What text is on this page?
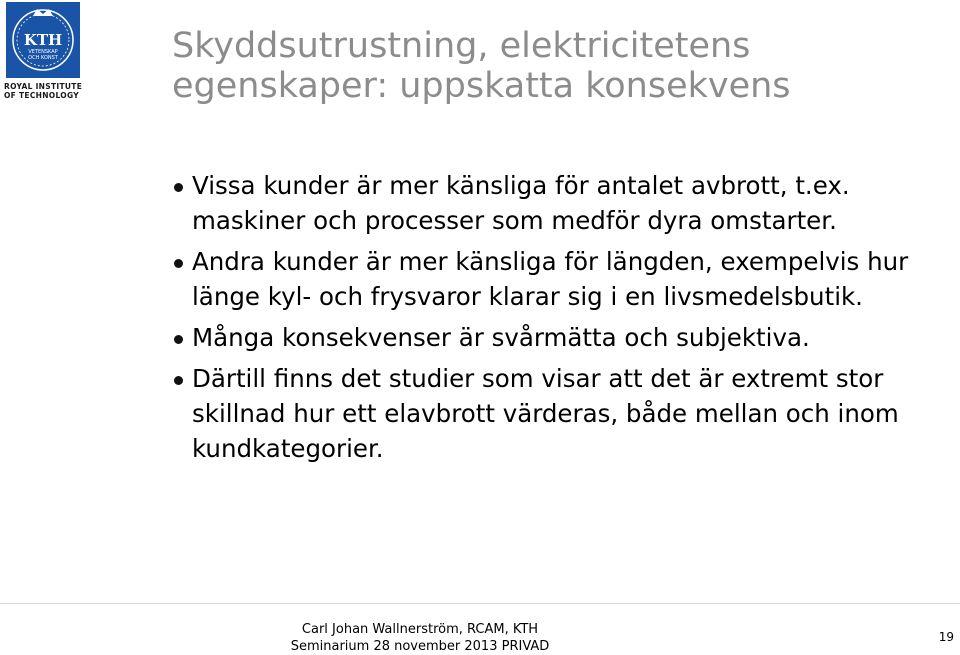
KTH
VETENSKAP
OCH KONST
ROYAL INSTITUTE
OF TECHNOLOGY
Skyddsutrustning, elektricitetens egenskaper: uppskatta konsekvens
Vissa kunder är mer känsliga för antalet avbrott, t.ex. maskiner och processer som medför dyra omstarter.
Andra kunder är mer känsliga för längden, exempelvis hur länge kyl- och frysvaror klarar sig i en livsmedelsbutik.
Många konsekvenser är svårmätta och subjektiva.
Därtill finns det studier som visar att det är extremt stor skillnad hur ett elavbrott värderas, både mellan och inom kundkategorier.
Carl Johan Wallnerström, RCAM, KTH
Seminarium 28 november 2013 PRIVAD
19
